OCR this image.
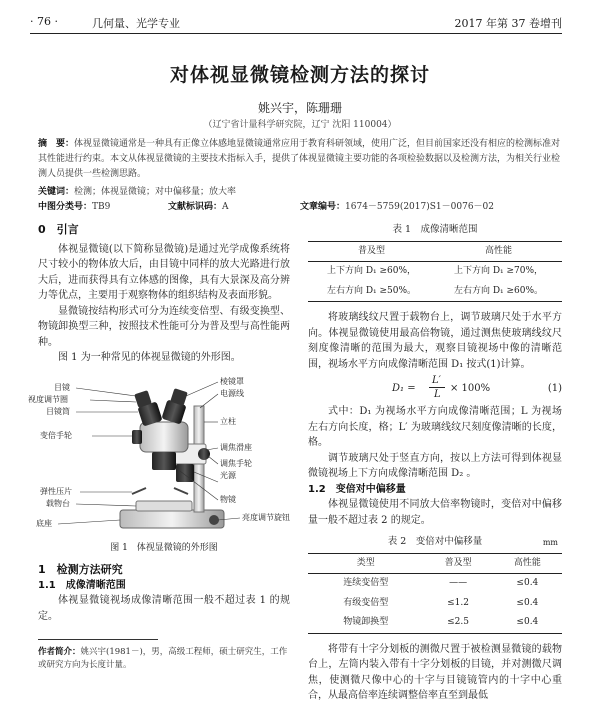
· 76 ·	几何量、光学专业	2017 年第 37 卷增刊
对体视显微镜检测方法的探讨
姚兴宇，陈珊珊
（辽宁省计量科学研究院，辽宁 沈阳 110004）
摘　要：体视显微镜通常是一种具有正像立体感地显微镜通常应用于教育科研领域，使用广泛，但目前国家还没有相应的检测标准对其性能进行约束。本文从体视显微镜的主要技术指标入手，提供了体视显微镜主要功能的各项检验数据以及检测方法，为相关行业检测人员提供一些检测思路。
关键词：检测；体视显微镜；对中偏移量；放大率
中图分类号：TB9	文献标识码：A	文章编号：1674－5759(2017)S1－0076－02
0　引言

体视显微镜(以下简称显微镜)是通过光学成像系统将尺寸较小的物体放大后，由目镜中同样的放大光路进行放大后，进而获得具有立体感的图像，具有大景深及高分辨力等优点，主要用于观察物体的组织结构及表面形貌。

显微镜按结构形式可分为连续变倍型、有级变换型、物镜卸换型三种，按照技术性能可分为普及型与高性能两种。

图 1 为一种常见的体视显微镜的外形图。

目镜
视度调节圈
目镜筒
变倍手轮
弹性压片
载物台
底座
棱镜罩
电源线
立柱
调焦滑座
调焦手轮
光源
物镜
亮度调节旋钮
图 1　体视显微镜的外形图
1　检测方法研究
1.1　成像清晰范围

体视显微镜视场成像清晰范围一般不超过表 1 的规定。

作者简介：姚兴宇(1981－)，男，高级工程师，硕士研究生，工作或研究方向为长度计量。
表 1　成像清晰范围
普及型	高性能
上下方向 D₁ ≥60%，	上下方向 D₁ ≥70%，
左右方向 D₁ ≥50%。	左右方向 D₁ ≥60%。

将玻璃线纹尺置于载物台上，调节玻璃尺处于水平方向。体视显微镜使用最高倍物镜，通过测焦使玻璃线纹尺刻度像清晰的范围为最大，观察目镜视场中像的清晰范围，视场水平方向成像清晰范围 D₁ 按式(1)计算。

D₁ =
L′
L
× 100%	(1)

式中：D₁ 为视场水平方向成像清晰范围；L 为视场左右方向长度，格；L′ 为玻璃线纹尺刻度像清晰的长度，格。

调节玻璃尺处于竖直方向，按以上方法可得到体视显微镜视场上下方向成像清晰范围 D₂ 。

1.2　变倍对中偏移量

体视显微镜使用不同放大倍率物镜时，变倍对中偏移量一般不超过表 2 的规定。

表 2　变倍对中偏移量	mm
类型	普及型	高性能
连续变倍型	——	≤0.4
有级变倍型	≤1.2	≤0.4
物镜卸换型	≤2.5	≤0.4

将带有十字分划板的测微尺置于被检测显微镜的载物台上，左筒内装入带有十字分划板的目镜，并对测微尺调焦，使测微尺像中心的十字与目镜镜管内的十字中心重合，从最高倍率连续调整倍率直至到最低
